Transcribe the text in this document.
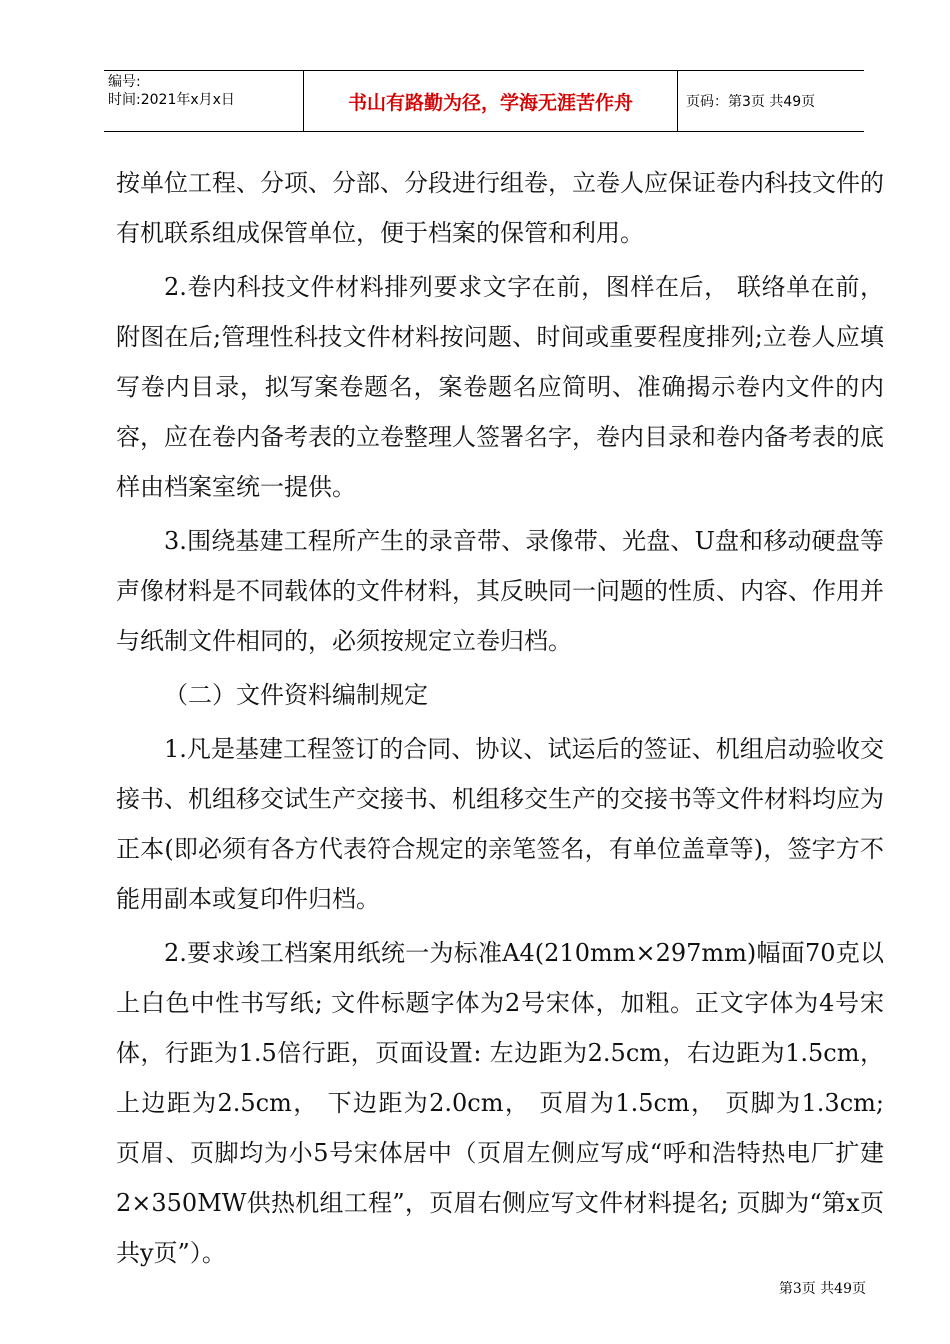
编号:
时间:2021年x月x日	书山有路勤为径，学海无涯苦作舟	页码：第3页 共49页

按单位工程、分项、分部、分段进行组卷，立卷人应保证卷内科技文件的有机联系组成保管单位，便于档案的保管和利用。

2.卷内科技文件材料排列要求文字在前，图样在后， 联络单在前，附图在后;管理性科技文件材料按问题、时间或重要程度排列;立卷人应填写卷内目录，拟写案卷题名，案卷题名应简明、准确揭示卷内文件的内容，应在卷内备考表的立卷整理人签署名字，卷内目录和卷内备考表的底样由档案室统一提供。

3.围绕基建工程所产生的录音带、录像带、光盘、U盘和移动硬盘等声像材料是不同载体的文件材料，其反映同一问题的性质、内容、作用并与纸制文件相同的，必须按规定立卷归档。

（二）文件资料编制规定

1.凡是基建工程签订的合同、协议、试运后的签证、机组启动验收交接书、机组移交试生产交接书、机组移交生产的交接书等文件材料均应为正本(即必须有各方代表符合规定的亲笔签名，有单位盖章等)，签字方不能用副本或复印件归档。

2.要求竣工档案用纸统一为标准A4(210mm×297mm)幅面70克以上白色中性书写纸; 文件标题字体为2号宋体，加粗。正文字体为4号宋体，行距为1.5倍行距，页面设置: 左边距为2.5cm，右边距为1.5cm， 上边距为2.5cm， 下边距为2.0cm， 页眉为1.5cm， 页脚为1.3cm; 页眉、页脚均为小5号宋体居中（页眉左侧应写成“呼和浩特热电厂扩建2×350MW供热机组工程”，页眉右侧应写文件材料提名; 页脚为“第x页共y页”）。

第3页 共49页
